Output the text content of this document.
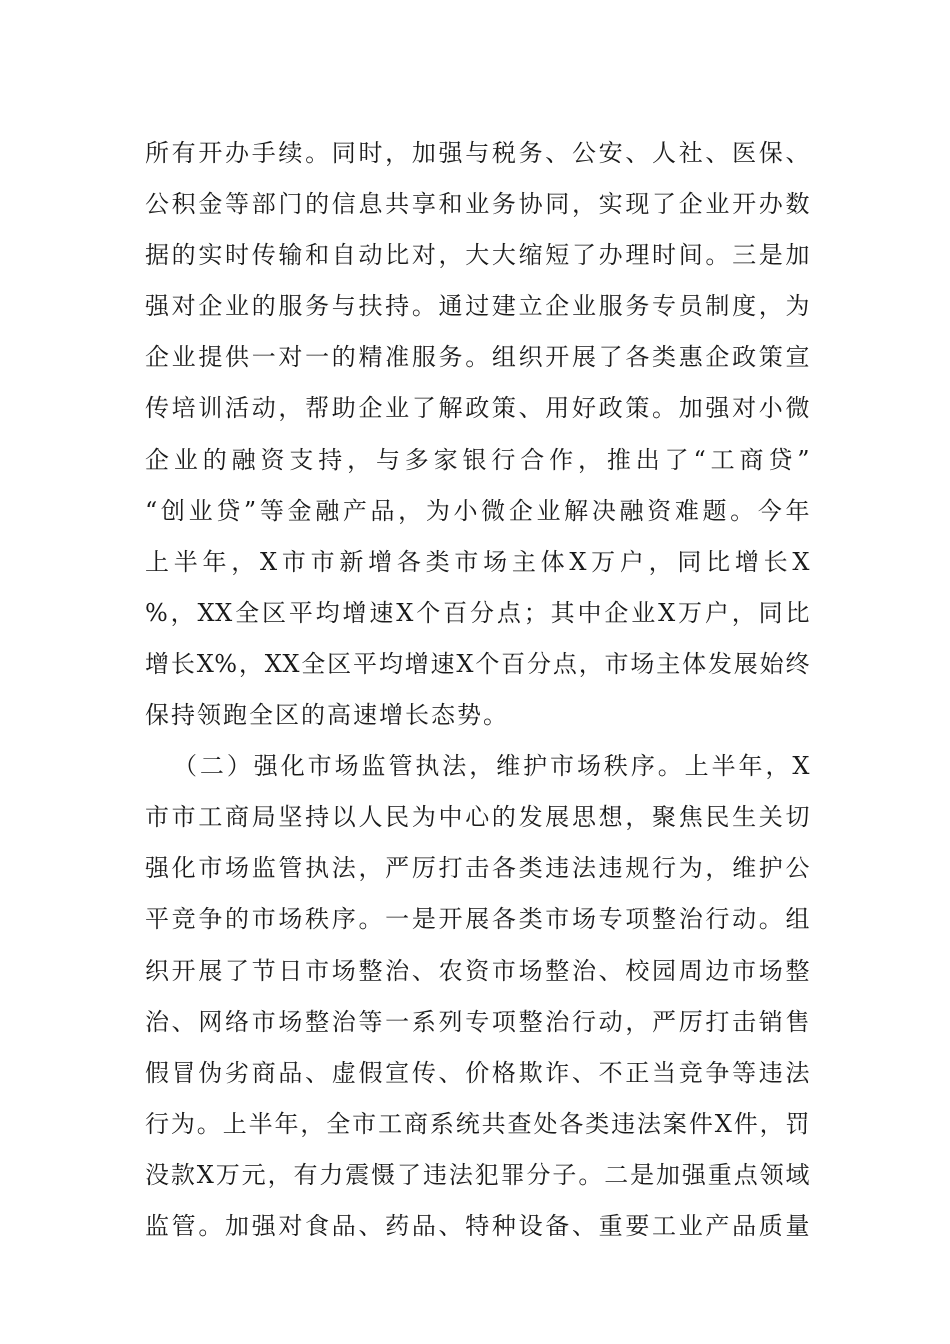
所有开办手续。同时，加强与税务、公安、人社、医保、
公积金等部门的信息共享和业务协同，实现了企业开办数
据的实时传输和自动比对，大大缩短了办理时间。三是加
强对企业的服务与扶持。通过建立企业服务专员制度，为
企业提供一对一的精准服务。组织开展了各类惠企政策宣
传培训活动，帮助企业了解政策、用好政策。加强对小微
企业的融资支持，与多家银行合作，推出了“工商贷”
“创业贷”等金融产品，为小微企业解决融资难题。今年
上半年，X市市新增各类市场主体X万户，同比增长X
%，XX全区平均增速X个百分点；其中企业X万户，同比
增长X%，XX全区平均增速X个百分点，市场主体发展始终
保持领跑全区的高速增长态势。
（二）强化市场监管执法，维护市场秩序。上半年，X
市市工商局坚持以人民为中心的发展思想，聚焦民生关切
强化市场监管执法，严厉打击各类违法违规行为，维护公
平竞争的市场秩序。一是开展各类市场专项整治行动。组
织开展了节日市场整治、农资市场整治、校园周边市场整
治、网络市场整治等一系列专项整治行动，严厉打击销售
假冒伪劣商品、虚假宣传、价格欺诈、不正当竞争等违法
行为。上半年，全市工商系统共查处各类违法案件X件，罚
没款X万元，有力震慑了违法犯罪分子。二是加强重点领域
监管。加强对食品、药品、特种设备、重要工业产品质量
